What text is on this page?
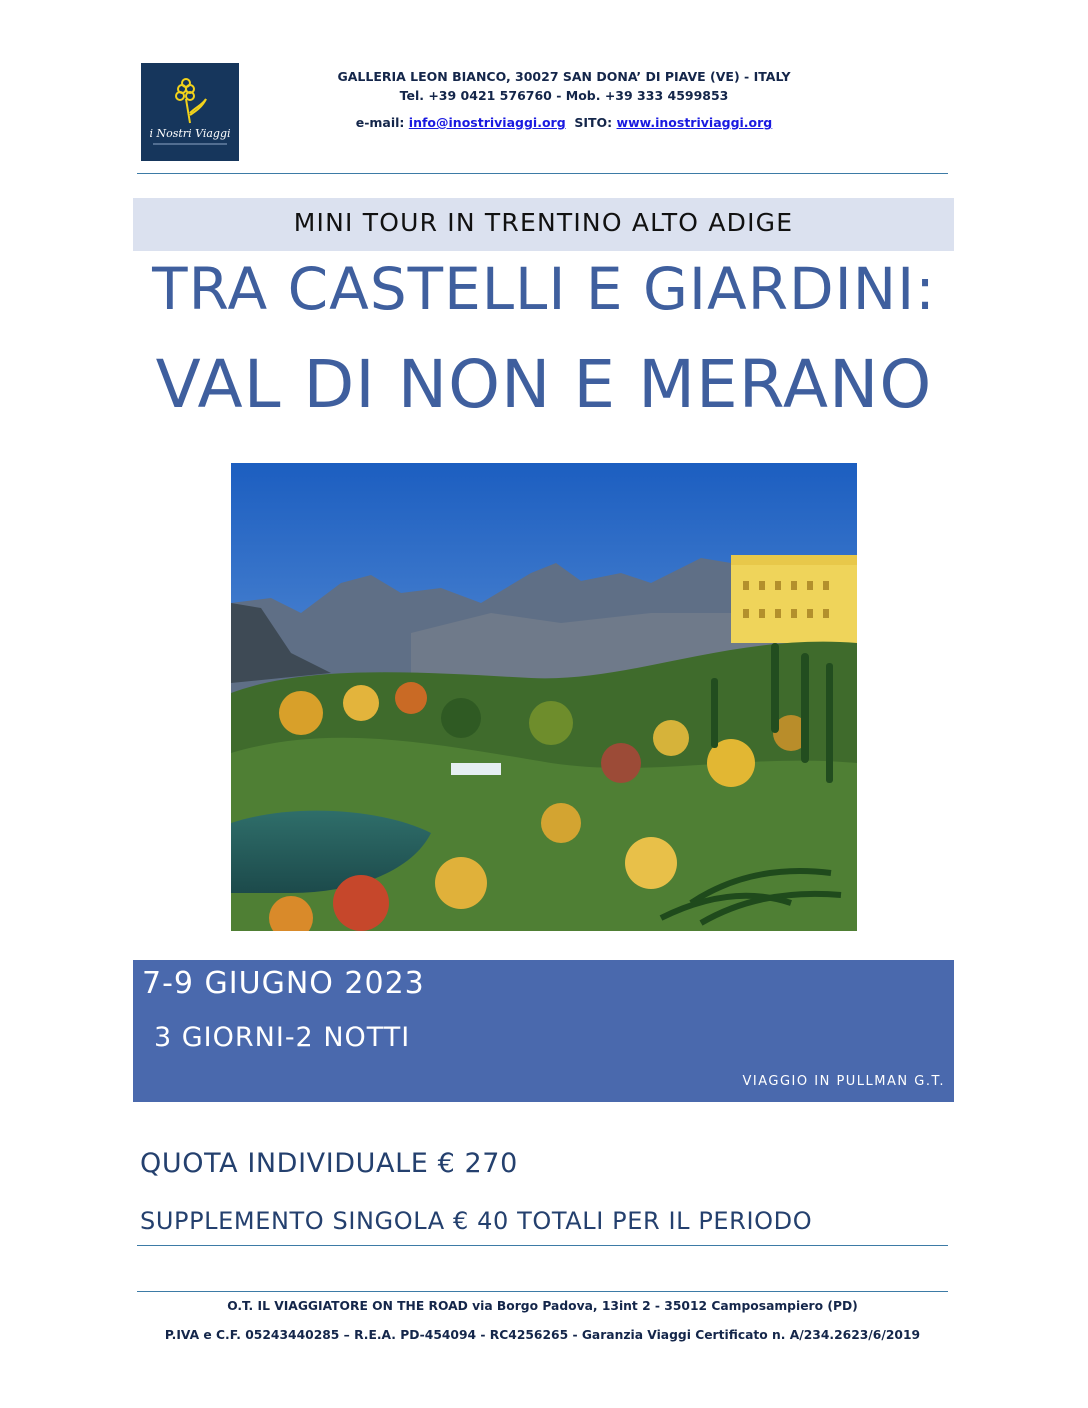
i Nostri Viaggi
GALLERIA LEON BIANCO, 30027 SAN DONA’ DI PIAVE (VE) - ITALY
Tel. +39 0421 576760 - Mob. +39 333 4599853
e-mail: info@inostriviaggi.org SITO: www.inostriviaggi.org
MINI TOUR IN TRENTINO ALTO ADIGE
TRA CASTELLI E GIARDINI:
VAL DI NON E MERANO
7-9 GIUGNO 2023
3 GIORNI-2 NOTTI
VIAGGIO IN PULLMAN G.T.
QUOTA INDIVIDUALE € 270
SUPPLEMENTO SINGOLA € 40 TOTALI PER IL PERIODO
O.T. IL VIAGGIATORE ON THE ROAD via Borgo Padova, 13int 2 - 35012 Camposampiero (PD)
P.IVA e C.F. 05243440285 – R.E.A. PD-454094 - RC4256265 - Garanzia Viaggi Certificato n. A/234.2623/6/2019
